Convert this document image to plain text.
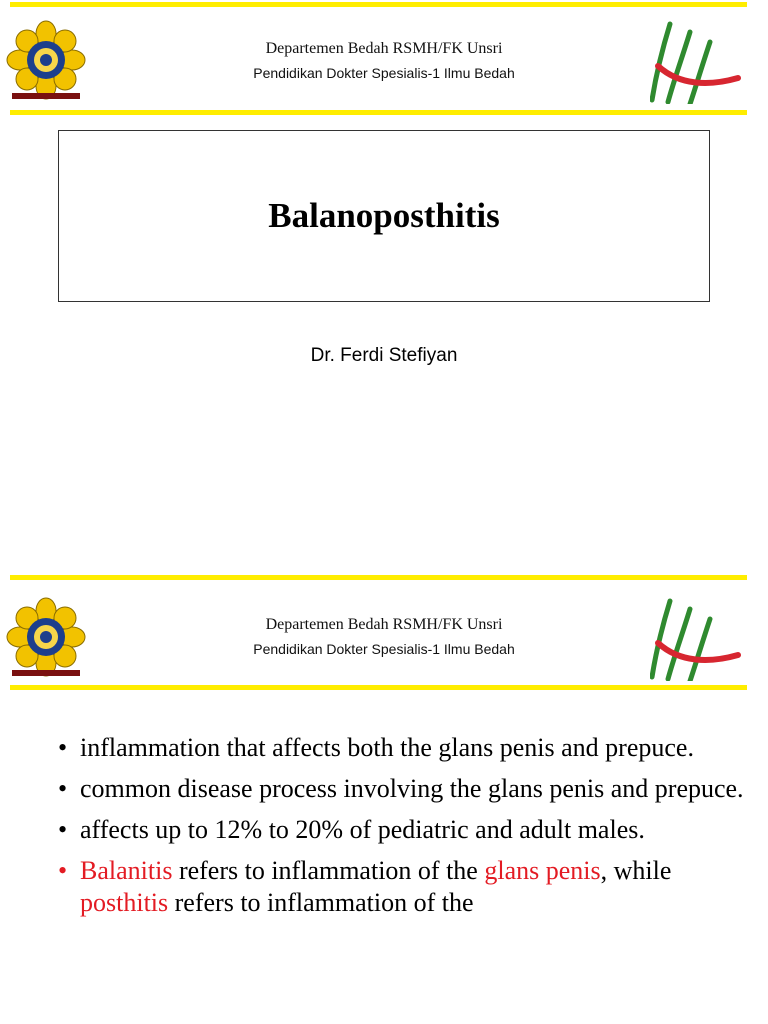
Departemen Bedah RSMH/FK Unsri
Pendidikan Dokter Spesialis-1 Ilmu Bedah
Balanoposthitis
Dr. Ferdi Stefiyan
Departemen Bedah RSMH/FK Unsri
Pendidikan Dokter Spesialis-1 Ilmu Bedah
• inflammation that affects both the glans penis and prepuce.
• common disease process involving the glans penis and prepuce.
• affects up to 12% to 20% of pediatric and adult males.
• Balanitis refers to inflammation of the glans penis, while posthitis refers to inflammation of the
